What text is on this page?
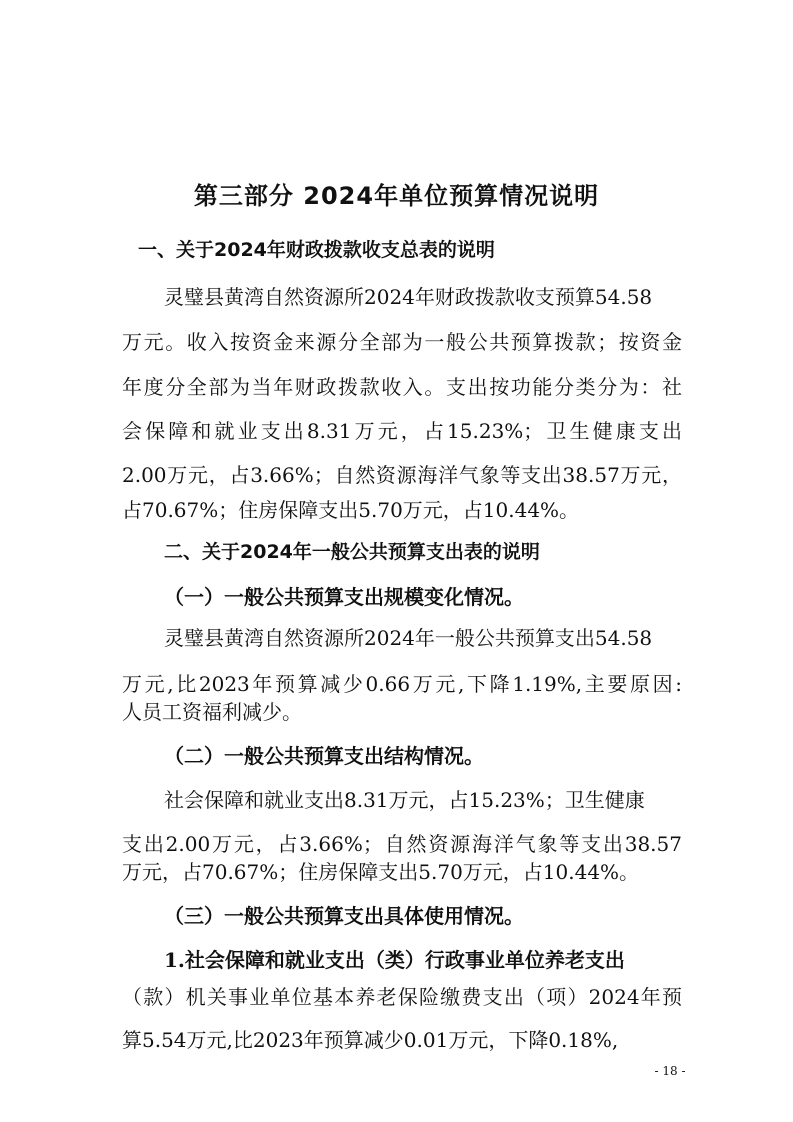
第三部分 2024年单位预算情况说明
一、关于2024年财政拨款收支总表的说明
灵璧县黄湾自然资源所2024年财政拨款收支预算54.58
万元。收入按资金来源分全部为一般公共预算拨款；按资金
年度分全部为当年财政拨款收入。支出按功能分类分为：社
会保障和就业支出8.31万元，占15.23%；卫生健康支出
2.00万元，占3.66%；自然资源海洋气象等支出38.57万元，
占70.67%；住房保障支出5.70万元，占10.44%。
二、关于2024年一般公共预算支出表的说明
（一）一般公共预算支出规模变化情况。
灵璧县黄湾自然资源所2024年一般公共预算支出54.58
万元,比2023年预算减少0.66万元,下降1.19%,主要原因:
人员工资福利减少。
（二）一般公共预算支出结构情况。
社会保障和就业支出8.31万元，占15.23%；卫生健康
支出2.00万元，占3.66%；自然资源海洋气象等支出38.57
万元，占70.67%；住房保障支出5.70万元，占10.44%。
（三）一般公共预算支出具体使用情况。
1.社会保障和就业支出（类）行政事业单位养老支出
（款）机关事业单位基本养老保险缴费支出（项）2024年预
算5.54万元,比2023年预算减少0.01万元，下降0.18%,
- 18 -
